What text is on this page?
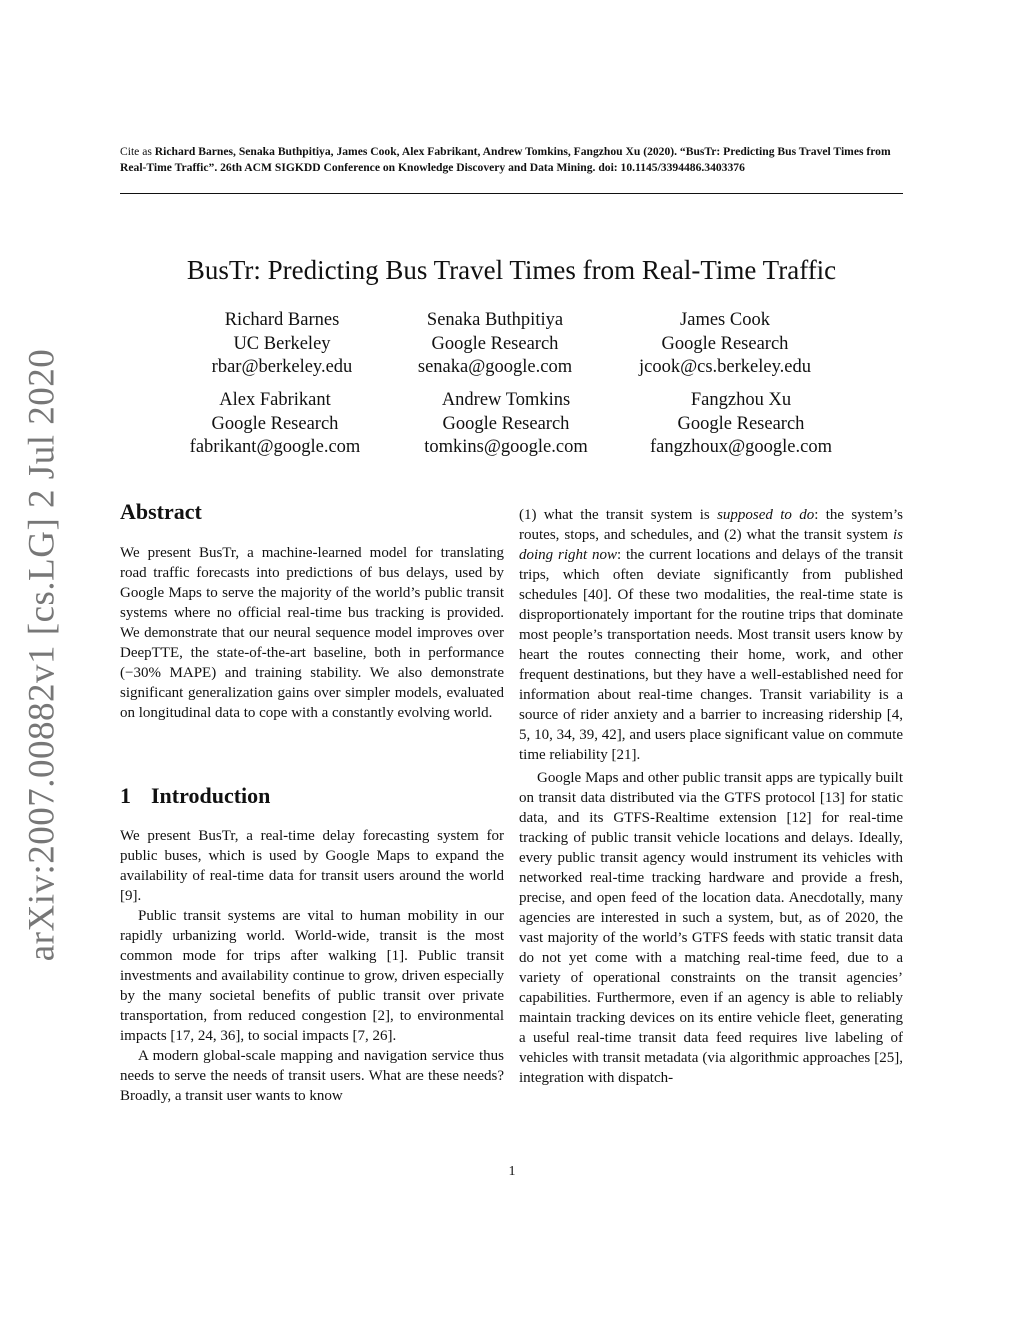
arXiv:2007.00882v1 [cs.LG] 2 Jul 2020
Cite as Richard Barnes, Senaka Buthpitiya, James Cook, Alex Fabrikant, Andrew Tomkins, Fangzhou Xu (2020). “BusTr: Predicting Bus Travel Times from Real-Time Traffic”. 26th ACM SIGKDD Conference on Knowledge Discovery and Data Mining. doi: 10.1145/3394486.3403376
BusTr: Predicting Bus Travel Times from Real-Time Traffic
Richard Barnes
UC Berkeley
rbar@berkeley.edu
Senaka Buthpitiya
Google Research
senaka@google.com
James Cook
Google Research
jcook@cs.berkeley.edu
Alex Fabrikant
Google Research
fabrikant@google.com
Andrew Tomkins
Google Research
tomkins@google.com
Fangzhou Xu
Google Research
fangzhoux@google.com
Abstract

We present BusTr, a machine-learned model for translating road traffic forecasts into predictions of bus delays, used by Google Maps to serve the majority of the world’s public transit systems where no official real-time bus tracking is provided. We demonstrate that our neural sequence model improves over DeepTTE, the state-of-the-art baseline, both in performance (−30% MAPE) and training stability. We also demonstrate significant generalization gains over simpler models, evaluated on longitudinal data to cope with a constantly evolving world.

1 Introduction

We present BusTr, a real-time delay forecasting system for public buses, which is used by Google Maps to expand the availability of real-time data for transit users around the world [9].

Public transit systems are vital to human mobility in our rapidly urbanizing world. World-wide, transit is the most common mode for trips after walking [1]. Public transit investments and availability continue to grow, driven especially by the many societal benefits of public transit over private transportation, from reduced congestion [2], to environmental impacts [17, 24, 36], to social impacts [7, 26].

A modern global-scale mapping and navigation service thus needs to serve the needs of transit users. What are these needs? Broadly, a transit user wants to know

(1) what the transit system is supposed to do: the system’s routes, stops, and schedules, and (2) what the transit system is doing right now: the current locations and delays of the transit trips, which often deviate significantly from published schedules [40]. Of these two modalities, the real-time state is disproportionately important for the routine trips that dominate most people’s transportation needs. Most transit users know by heart the routes connecting their home, work, and other frequent destinations, but they have a well-established need for information about real-time changes. Transit variability is a source of rider anxiety and a barrier to increasing ridership [4, 5, 10, 34, 39, 42], and users place significant value on commute time reliability [21].

Google Maps and other public transit apps are typically built on transit data distributed via the GTFS protocol [13] for static data, and its GTFS-Realtime extension [12] for real-time tracking of public transit vehicle locations and delays. Ideally, every public transit agency would instrument its vehicles with networked real-time tracking hardware and provide a fresh, precise, and open feed of the location data. Anecdotally, many agencies are interested in such a system, but, as of 2020, the vast majority of the world’s GTFS feeds with static transit data do not yet come with a matching real-time feed, due to a variety of operational constraints on the transit agencies’ capabilities. Furthermore, even if an agency is able to reliably maintain tracking devices on its entire vehicle fleet, generating a useful real-time transit data feed requires live labeling of vehicles with transit metadata (via algorithmic approaches [25], integration with dispatch-

1
